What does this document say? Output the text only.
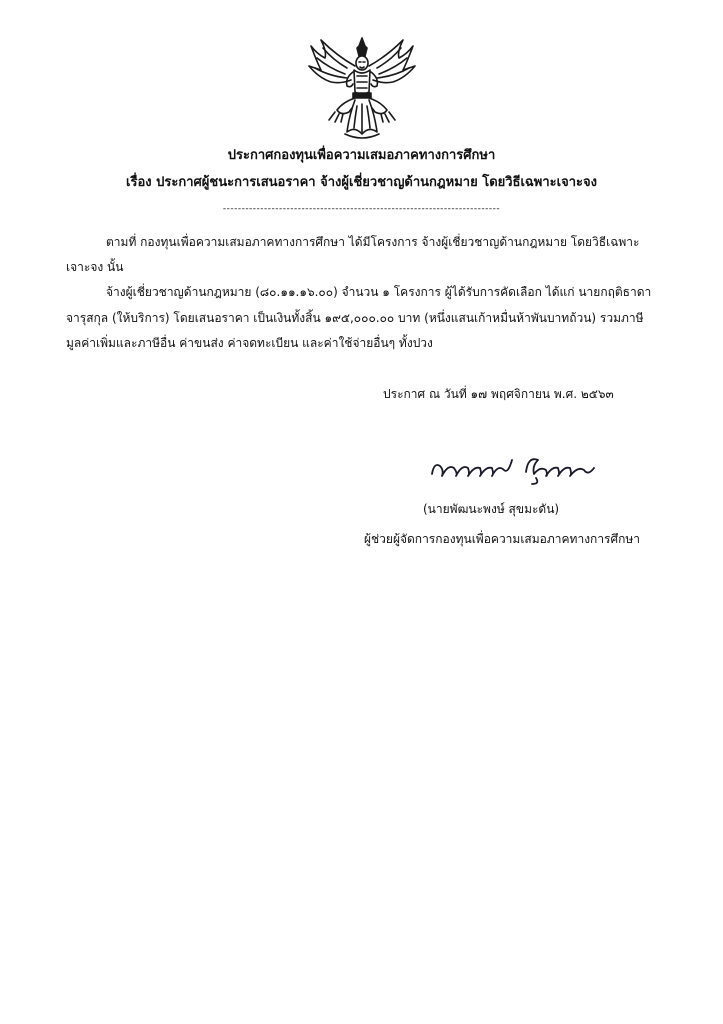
ประกาศกองทุนเพื่อความเสมอภาคทางการศึกษา
เรื่อง ประกาศผู้ชนะการเสนอราคา จ้างผู้เชี่ยวชาญด้านกฎหมาย โดยวิธีเฉพาะเจาะจง
--------------------------------------------------------------------------
ตามที่ กองทุนเพื่อความเสมอภาคทางการศึกษา ได้มีโครงการ จ้างผู้เชี่ยวชาญด้านกฎหมาย โดยวิธีเฉพาะ
เจาะจง นั้น
จ้างผู้เชี่ยวชาญด้านกฎหมาย (๘๐.๑๑.๑๖.๐๐) จำนวน ๑ โครงการ ผู้ได้รับการคัดเลือก ได้แก่ นายกฤติธาดา
จารุสกุล (ให้บริการ) โดยเสนอราคา เป็นเงินทั้งสิ้น ๑๙๕,๐๐๐.๐๐ บาท (หนึ่งแสนเก้าหมื่นห้าพันบาทถ้วน) รวมภาษี
มูลค่าเพิ่มและภาษีอื่น ค่าขนส่ง ค่าจดทะเบียน และค่าใช้จ่ายอื่นๆ ทั้งปวง
ประกาศ ณ วันที่ ๑๗ พฤศจิกายน พ.ศ. ๒๕๖๓
(นายพัฒนะพงษ์ สุขมะดัน)
ผู้ช่วยผู้จัดการกองทุนเพื่อความเสมอภาคทางการศึกษา
